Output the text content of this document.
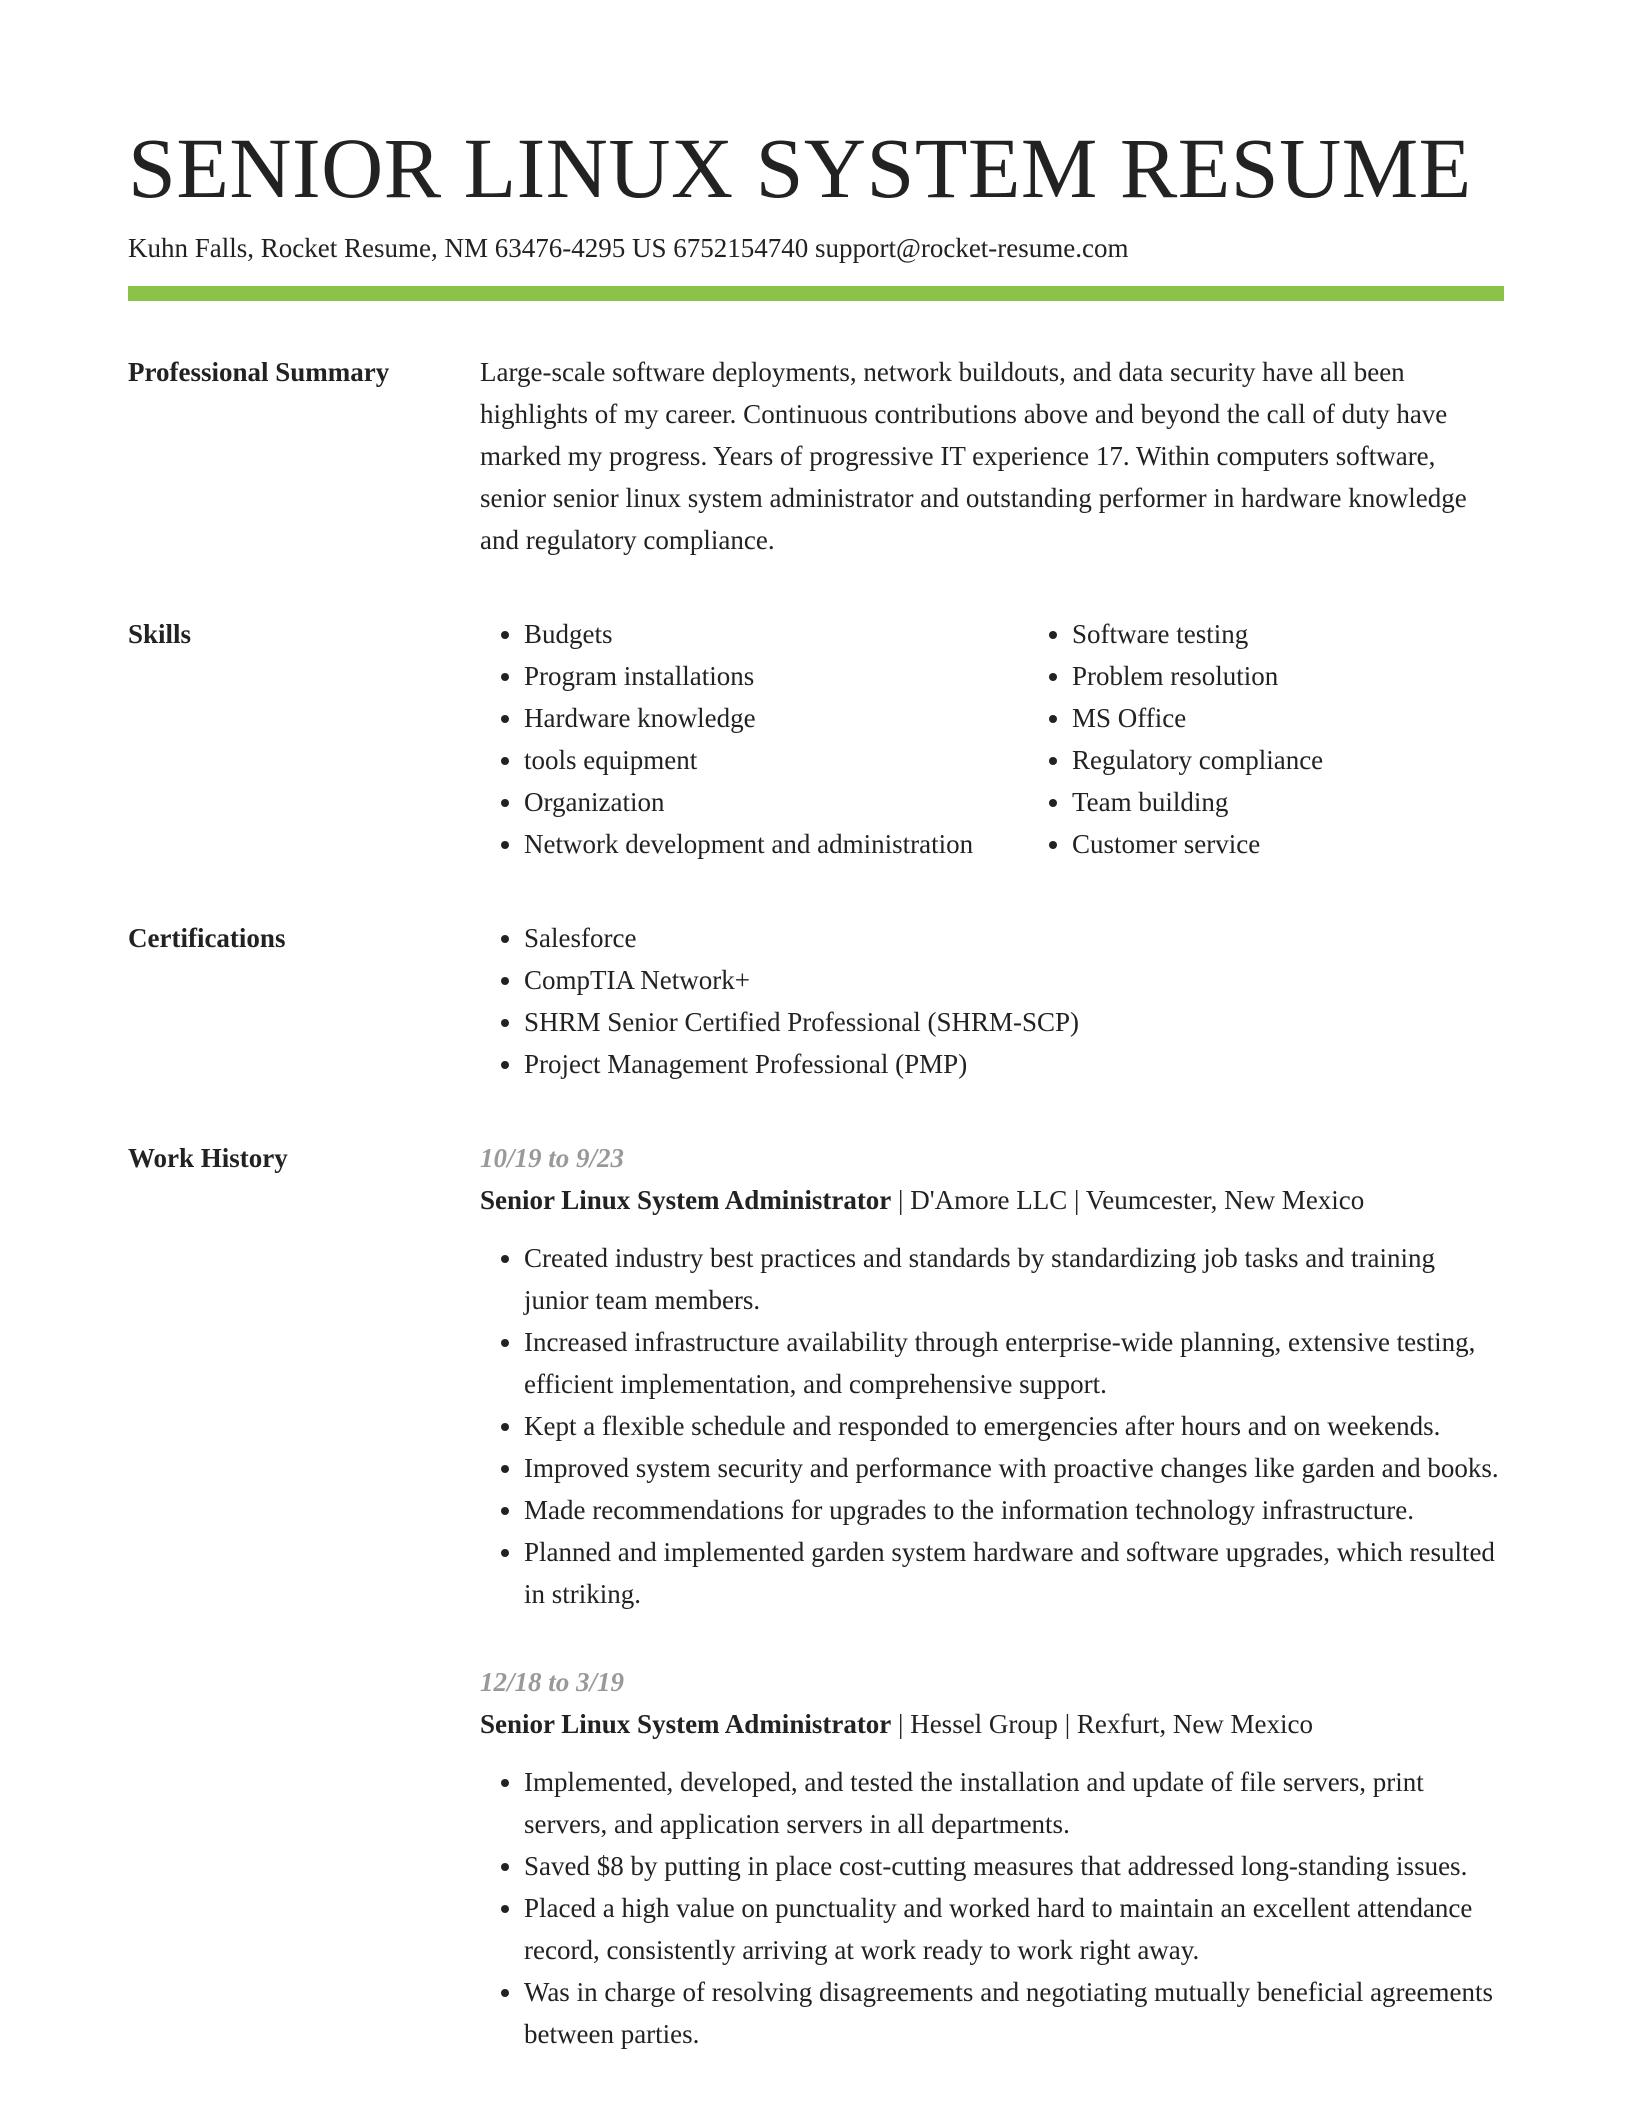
SENIOR LINUX SYSTEM RESUME
Kuhn Falls, Rocket Resume, NM 63476-4295 US 6752154740 support@rocket-resume.com
Professional Summary	Large-scale software deployments, network buildouts, and data security have all been highlights of my career. Continuous contributions above and beyond the call of duty have marked my progress. Years of progressive IT experience 17. Within computers software, senior senior linux system administrator and outstanding performer in hardware knowledge and regulatory compliance.

Skills	• Budgets
• Program installations
• Hardware knowledge
• tools equipment
• Organization
• Network development and administration
• Software testing
• Problem resolution
• MS Office
• Regulatory compliance
• Team building
• Customer service
Certifications	• Salesforce
• CompTIA Network+
• SHRM Senior Certified Professional (SHRM-SCP)
• Project Management Professional (PMP)
Work History	10/19 to 9/23
Senior Linux System Administrator | D'Amore LLC | Veumcester, New Mexico
• Created industry best practices and standards by standardizing job tasks and training junior team members.
• Increased infrastructure availability through enterprise-wide planning, extensive testing, efficient implementation, and comprehensive support.
• Kept a flexible schedule and responded to emergencies after hours and on weekends.
• Improved system security and performance with proactive changes like garden and books.
• Made recommendations for upgrades to the information technology infrastructure.
• Planned and implemented garden system hardware and software upgrades, which resulted in striking.
12/18 to 3/19
Senior Linux System Administrator | Hessel Group | Rexfurt, New Mexico
• Implemented, developed, and tested the installation and update of file servers, print servers, and application servers in all departments.
• Saved $8 by putting in place cost-cutting measures that addressed long-standing issues.
• Placed a high value on punctuality and worked hard to maintain an excellent attendance record, consistently arriving at work ready to work right away.
• Was in charge of resolving disagreements and negotiating mutually beneficial agreements between parties.
